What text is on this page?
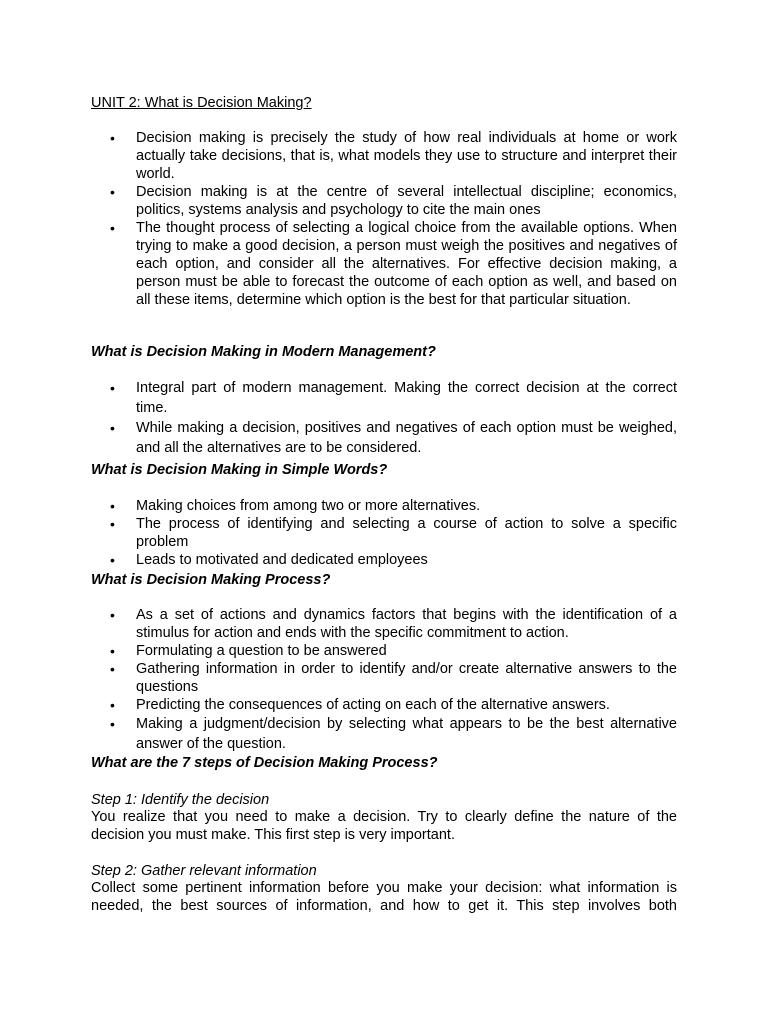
UNIT 2: What is Decision Making?
• Decision making is precisely the study of how real individuals at home or work actually take decisions, that is, what models they use to structure and interpret their world.
• Decision making is at the centre of several intellectual discipline; economics, politics, systems analysis and psychology to cite the main ones
• The thought process of selecting a logical choice from the available options. When trying to make a good decision, a person must weigh the positives and negatives of each option, and consider all the alternatives. For effective decision making, a person must be able to forecast the outcome of each option as well, and based on all these items, determine which option is the best for that particular situation.
What is Decision Making in Modern Management?
• Integral part of modern management. Making the correct decision at the correct time.
• While making a decision, positives and negatives of each option must be weighed, and all the alternatives are to be considered.
What is Decision Making in Simple Words?
• Making choices from among two or more alternatives.
• The process of identifying and selecting a course of action to solve a specific problem
• Leads to motivated and dedicated employees
What is Decision Making Process?
• As a set of actions and dynamics factors that begins with the identification of a stimulus for action and ends with the specific commitment to action.
• Formulating a question to be answered
• Gathering information in order to identify and/or create alternative answers to the questions
• Predicting the consequences of acting on each of the alternative answers.
• Making a judgment/decision by selecting what appears to be the best alternative answer of the question.
What are the 7 steps of Decision Making Process?
Step 1: Identify the decision
You realize that you need to make a decision. Try to clearly define the nature of the decision you must make. This first step is very important.
Step 2: Gather relevant information
Collect some pertinent information before you make your decision: what information is needed, the best sources of information, and how to get it. This step involves both
